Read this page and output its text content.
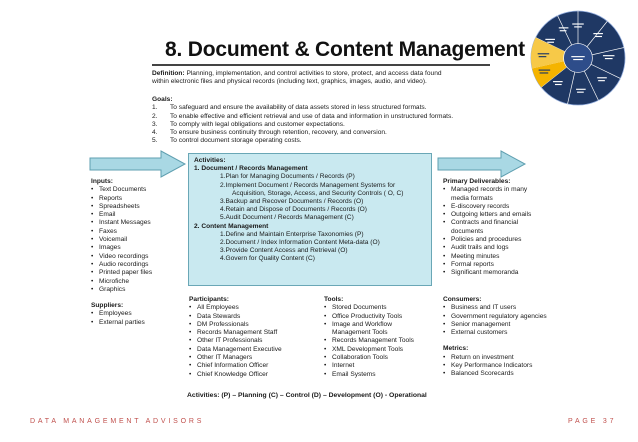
8. Document & Content Management
Definition: Planning, implementation, and control activities to store, protect, and access data found
within electronic files and physical records (including text, graphics, images, audio, and video).
Goals:
1.	To safeguard and ensure the availability of data assets stored in less structured formats.
2.	To enable effective and efficient retrieval and use of data and information in unstructured formats.
3.	To comply with legal obligations and customer expectations.
4.	To ensure business continuity through retention, recovery, and conversion.
5.	To control document storage operating costs.
Activities:
1. Document / Records Management
1.Plan for Managing Documents / Records (P)
2.Implement Document / Records Management Systems for
Acquisition, Storage, Access, and Security Controls ( O, C)
3.Backup and Recover Documents / Records (O)
4.Retain and Dispose of Documents / Records (O)
5.Audit Document / Records Management (C)
2. Content Management
1.Define and Maintain Enterprise Taxonomies (P)
2.Document / Index Information Content Meta-data (O)
3.Provide Content Access and Retrieval (O)
4.Govern for Quality Content (C)
Inputs:
• Text Documents
• Reports
• Spreadsheets
• Email
• Instant Messages
• Faxes
• Voicemail
• Images
• Video recordings
• Audio recordings
• Printed paper files
• Microfiche
• Graphics
Suppliers:
• Employees
• External parties
Primary Deliverables:
• Managed records in many
media formats
• E-discovery records
• Outgoing letters and emails
• Contracts and financial
documents
• Policies and procedures
• Audit trails and logs
• Meeting minutes
• Formal reports
• Significant memoranda
Participants:
• All Employees
• Data Stewards
• DM Professionals
• Records Management Staff
• Other IT Professionals
• Data Management Executive
• Other IT Managers
• Chief Information Officer
• Chief Knowledge Officer
Tools:
• Stored Documents
• Office Productivity Tools
• Image and Workflow
Management Tools
• Records Management Tools
• XML Development Tools
• Collaboration Tools
• Internet
• Email Systems
Consumers:
• Business and IT users
• Government regulatory agencies
• Senior management
• External customers
Metrics:
• Return on investment
• Key Performance Indicators
• Balanced Scorecards
Activities: (P) – Planning (C) – Control (D) – Development (O) - Operational
DATA MANAGEMENT ADVISORS	PAGE 37
